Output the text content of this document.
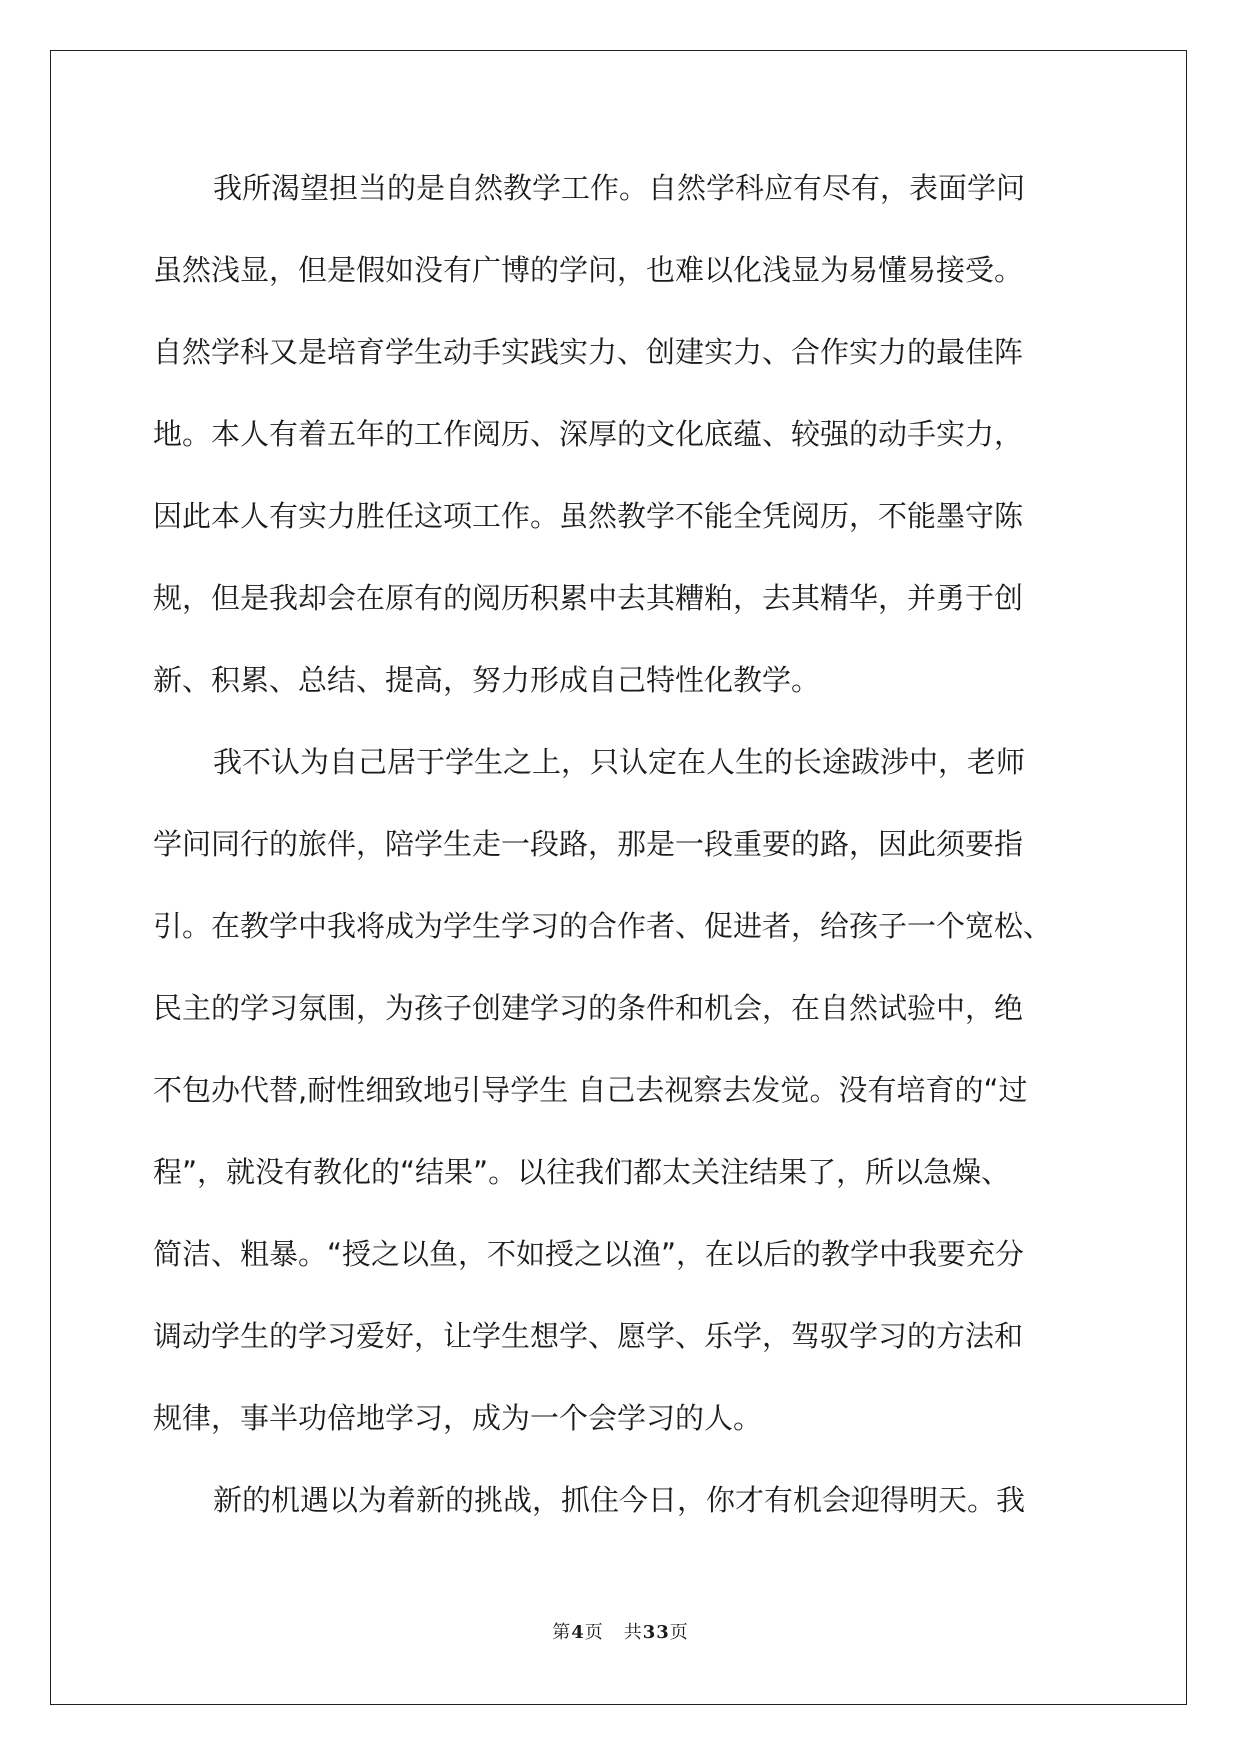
我所渴望担当的是自然教学工作。自然学科应有尽有，表面学问
虽然浅显，但是假如没有广博的学问，也难以化浅显为易懂易接受。
自然学科又是培育学生动手实践实力、创建实力、合作实力的最佳阵
地。本人有着五年的工作阅历、深厚的文化底蕴、较强的动手实力，
因此本人有实力胜任这项工作。虽然教学不能全凭阅历，不能墨守陈
规，但是我却会在原有的阅历积累中去其糟粕，去其精华，并勇于创
新、积累、总结、提高，努力形成自己特性化教学。
我不认为自己居于学生之上，只认定在人生的长途跋涉中，老师
学问同行的旅伴，陪学生走一段路，那是一段重要的路，因此须要指
引。在教学中我将成为学生学习的合作者、促进者，给孩子一个宽松、
民主的学习氛围，为孩子创建学习的条件和机会，在自然试验中，绝
不包办代替,耐性细致地引导学生 自己去视察去发觉。没有培育的“过
程”，就没有教化的“结果”。以往我们都太关注结果了，所以急燥、
简洁、粗暴。“授之以鱼，不如授之以渔”，在以后的教学中我要充分
调动学生的学习爱好，让学生想学、愿学、乐学，驾驭学习的方法和
规律，事半功倍地学习，成为一个会学习的人。
新的机遇以为着新的挑战，抓住今日，你才有机会迎得明天。我
第4页 共33页
